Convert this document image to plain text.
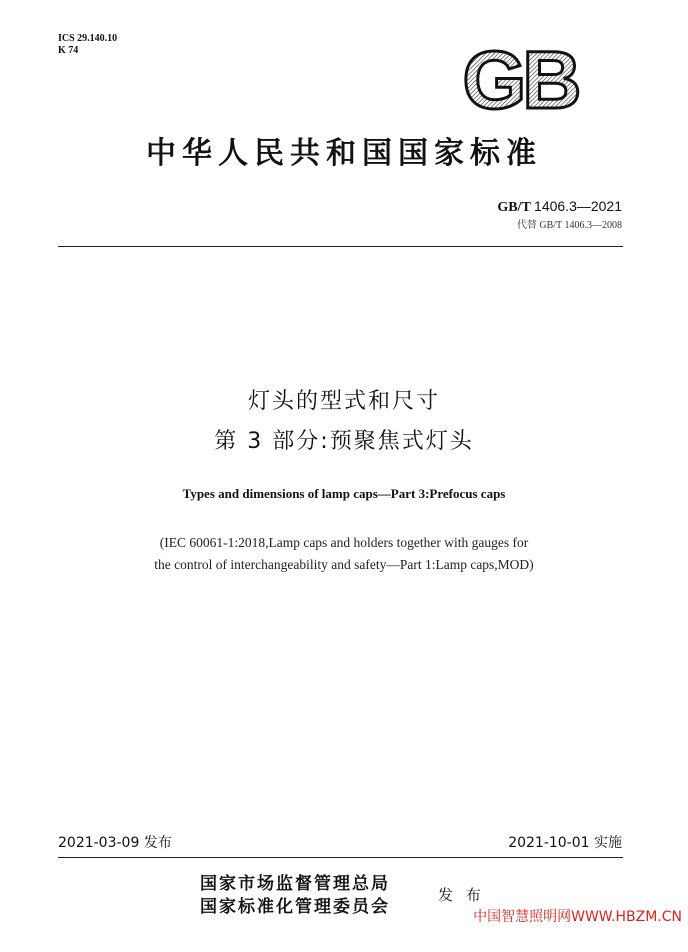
ICS 29.140.10
K 74	GB
中华人民共和国国家标准
GB/T 1406.3—2021
代替 GB/T 1406.3—2008
灯头的型式和尺寸
第 3 部分:预聚焦式灯头
Types and dimensions of lamp caps—Part 3:Prefocus caps
(IEC 60061-1:2018,Lamp caps and holders together with gauges for
the control of interchangeability and safety—Part 1:Lamp caps,MOD)
2021-03-09 发布	2021-10-01 实施
国家市场监督管理总局
国家标准化管理委员会
发 布
中国智慧照明网WWW.HBZM.CN
